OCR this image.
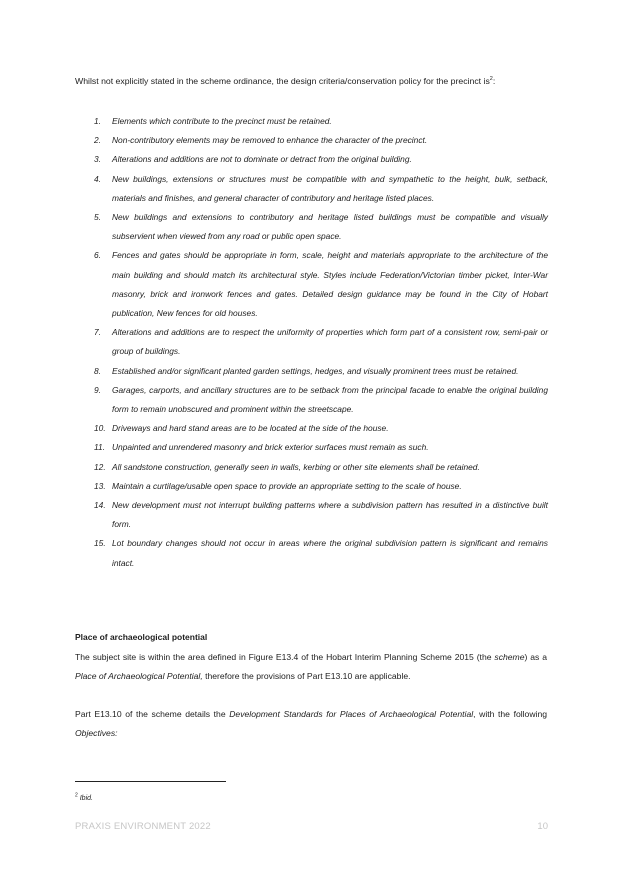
Whilst not explicitly stated in the scheme ordinance, the design criteria/conservation policy for the precinct $is^2$:
1. Elements which contribute to the precinct must be retained.
2. Non-contributory elements may be removed to enhance the character of the precinct.
3. Alterations and additions are not to dominate or detract from the original building.
4. New buildings, extensions or structures must be compatible with and sympathetic to the height, bulk, setback, materials and finishes, and general character of contributory and heritage listed places.
5. New buildings and extensions to contributory and heritage listed buildings must be compatible and visually subservient when viewed from any road or public open space.
6. Fences and gates should be appropriate in form, scale, height and materials appropriate to the architecture of the main building and should match its architectural style. Styles include Federation/Victorian timber picket, Inter-War masonry, brick and ironwork fences and gates. Detailed design guidance may be found in the City of Hobart publication, New fences for old houses.
7. Alterations and additions are to respect the uniformity of properties which form part of a consistent row, semi-pair or group of buildings.
8. Established and/or significant planted garden settings, hedges, and visually prominent trees must be retained.
9. Garages, carports, and ancillary structures are to be setback from the principal facade to enable the original building form to remain unobscured and prominent within the streetscape.
10. Driveways and hard stand areas are to be located at the side of the house.
11. Unpainted and unrendered masonry and brick exterior surfaces must remain as such.
12. All sandstone construction, generally seen in walls, kerbing or other site elements shall be retained.
13. Maintain a curtilage/usable open space to provide an appropriate setting to the scale of house.
14. New development must not interrupt building patterns where a subdivision pattern has resulted in a distinctive built form.
15. Lot boundary changes should not occur in areas where the original subdivision pattern is significant and remains intact.
Place of archaeological potential
The subject site is within the area defined in Figure E13.4 of the Hobart Interim Planning Scheme 2015 (the scheme) as a Place of Archaeological Potential, therefore the provisions of Part E13.10 are applicable.
Part E13.10 of the scheme details the Development Standards for Places of Archaeological Potential, with the following Objectives:
$^2$ Ibid.
PRAXIS ENVIRONMENT 2022	10
